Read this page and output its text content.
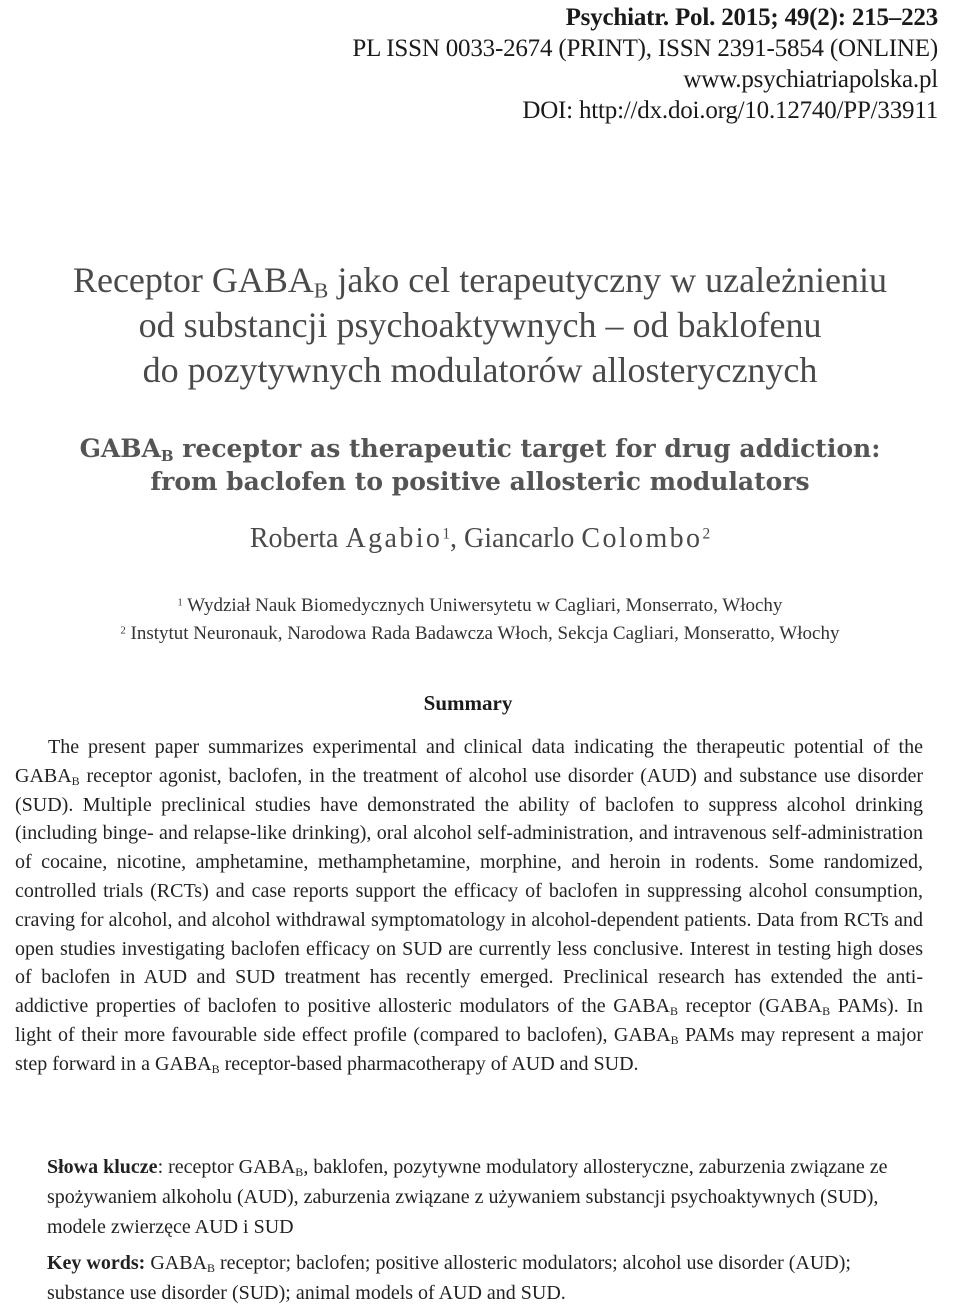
Psychiatr. Pol. 2015; 49(2): 215–223
PL ISSN 0033-2674 (PRINT), ISSN 2391-5854 (ONLINE)
www.psychiatriapolska.pl
DOI: http://dx.doi.org/10.12740/PP/33911
Receptor $GABA_B$ jako cel terapeutyczny w uzależnieniu
od substancji psychoaktywnych – od baklofenu
do pozytywnych modulatorów allosterycznych
$GABA_B$ receptor as therapeutic target for drug addiction:
from baclofen to positive allosteric modulators
Roberta Agabio$^1$, Giancarlo Colombo$^2$
$^1$ Wydział Nauk Biomedycznych Uniwersytetu w Cagliari, Monserrato, Włochy
$^2$ Instytut Neuronauk, Narodowa Rada Badawcza Włoch, Sekcja Cagliari, Monseratto, Włochy
Summary
The present paper summarizes experimental and clinical data indicating the therapeutic potential of the $GABA_B$ receptor agonist, baclofen, in the treatment of alcohol use disorder (AUD) and substance use disorder (SUD). Multiple preclinical studies have demonstrated the ability of baclofen to suppress alcohol drinking (including binge- and relapse-like drinking), oral alcohol self-administration, and intravenous self-administration of cocaine, nicotine, amphetamine, methamphetamine, morphine, and heroin in rodents. Some randomized, controlled trials (RCTs) and case reports support the efficacy of baclofen in suppressing alcohol consumption, craving for alcohol, and alcohol withdrawal symptomatology in alcohol-dependent patients. Data from RCTs and open studies investigating baclofen efficacy on SUD are currently less conclusive. Interest in testing high doses of baclofen in AUD and SUD treatment has recently emerged. Preclinical research has extended the anti-addictive properties of baclofen to positive allosteric modulators of the $GABA_B$ receptor ($GABA_B$ PAMs). In light of their more favourable side effect profile (compared to baclofen), $GABA_B$ PAMs may represent a major step forward in a $GABA_B$ receptor-based pharmacotherapy of AUD and SUD.
Słowa klucze: receptor $GABA_B$, baklofen, pozytywne modulatory allosteryczne, zaburzenia związane ze spożywaniem alkoholu (AUD), zaburzenia związane z używaniem substancji psychoaktywnych (SUD), modele zwierzęce AUD i SUD
Key words: $GABA_B$ receptor; baclofen; positive allosteric modulators; alcohol use disorder (AUD); substance use disorder (SUD); animal models of AUD and SUD.
